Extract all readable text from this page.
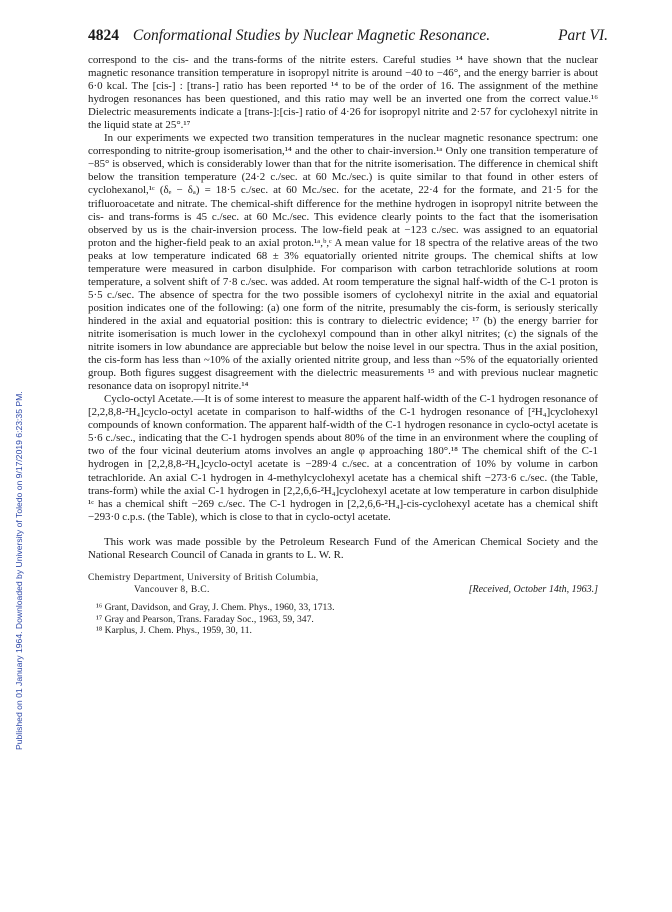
Published on 01 January 1964. Downloaded by University of Toledo on 9/17/2019 6:23:35 PM.
4824 Conformational Studies by Nuclear Magnetic Resonance.	Part VI.

correspond to the cis- and the trans-forms of the nitrite esters. Careful studies ¹⁴ have shown that the nuclear magnetic resonance transition temperature in isopropyl nitrite is around −40 to −46°, and the energy barrier is about 6·0 kcal. The [cis-] : [trans-] ratio has been reported ¹⁴ to be of the order of 16. The assignment of the methine hydrogen resonances has been questioned, and this ratio may well be an inverted one from the correct value.¹⁶ Dielectric measurements indicate a [trans-]:[cis-] ratio of 4·26 for isopropyl nitrite and 2·57 for cyclohexyl nitrite in the liquid state at 25°.¹⁷

In our experiments we expected two transition temperatures in the nuclear magnetic resonance spectrum: one corresponding to nitrite-group isomerisation,¹⁴ and the other to chair-inversion.¹ᵃ Only one transition temperature of −85° is observed, which is considerably lower than that for the nitrite isomerisation. The difference in chemical shift below the transition temperature (24·2 c./sec. at 60 Mc./sec.) is quite similar to that found in other esters of cyclohexanol,¹ᶜ (δₑ − δₐ) = 18·5 c./sec. at 60 Mc./sec. for the acetate, 22·4 for the formate, and 21·5 for the trifluoroacetate and nitrate. The chemical-shift difference for the methine hydrogen in isopropyl nitrite between the cis- and trans-forms is 45 c./sec. at 60 Mc./sec. This evidence clearly points to the fact that the isomerisation observed by us is the chair-inversion process. The low-field peak at −123 c./sec. was assigned to an equatorial proton and the higher-field peak to an axial proton.¹ᵃ,ᵇ,ᶜ A mean value for 18 spectra of the relative areas of the two peaks at low temperature indicated 68 ± 3% equatorially oriented nitrite groups. The chemical shifts at low temperature were measured in carbon disulphide. For comparison with carbon tetrachloride solutions at room temperature, a solvent shift of 7·8 c./sec. was added. At room temperature the signal half-width of the C-1 proton is 5·5 c./sec. The absence of spectra for the two possible isomers of cyclohexyl nitrite in the axial and equatorial position indicates one of the following: (a) one form of the nitrite, presumably the cis-form, is seriously sterically hindered in the axial and equatorial position: this is contrary to dielectric evidence; ¹⁷ (b) the energy barrier for nitrite isomerisation is much lower in the cyclohexyl compound than in other alkyl nitrites; (c) the signals of the nitrite isomers in low abundance are appreciable but below the noise level in our spectra. Thus in the axial position, the cis-form has less than ~10% of the axially oriented nitrite group, and less than ~5% of the equatorially oriented group. Both figures suggest disagreement with the dielectric measurements ¹⁵ and with previous nuclear magnetic resonance data on isopropyl nitrite.¹⁴

Cyclo-octyl Acetate.—It is of some interest to measure the apparent half-width of the C-1 hydrogen resonance of [2,2,8,8-²H₄]cyclo-octyl acetate in comparison to half-widths of the C-1 hydrogen resonance of [²H₄]cyclohexyl compounds of known conformation. The apparent half-width of the C-1 hydrogen resonance in cyclo-octyl acetate is 5·6 c./sec., indicating that the C-1 hydrogen spends about 80% of the time in an environment where the coupling of two of the four vicinal deuterium atoms involves an angle φ approaching 180°.¹⁸ The chemical shift of the C-1 hydrogen in [2,2,8,8-²H₄]cyclo-octyl acetate is −289·4 c./sec. at a concentration of 10% by volume in carbon tetrachloride. An axial C-1 hydrogen in 4-methylcyclohexyl acetate has a chemical shift −273·6 c./sec. (the Table, trans-form) while the axial C-1 hydrogen in [2,2,6,6-²H₄]cyclohexyl acetate at low temperature in carbon disulphide ¹ᶜ has a chemical shift −269 c./sec. The C-1 hydrogen in [2,2,6,6-²H₄]-cis-cyclohexyl acetate has a chemical shift −293·0 c.p.s. (the Table), which is close to that in cyclo-octyl acetate.

This work was made possible by the Petroleum Research Fund of the American Chemical Society and the National Research Council of Canada in grants to L. W. R.

Chemistry Department, University of British Columbia,
Vancouver 8, B.C.	[Received, October 14th, 1963.]
¹⁶ Grant, Davidson, and Gray, J. Chem. Phys., 1960, 33, 1713.
¹⁷ Gray and Pearson, Trans. Faraday Soc., 1963, 59, 347.
¹⁸ Karplus, J. Chem. Phys., 1959, 30, 11.
